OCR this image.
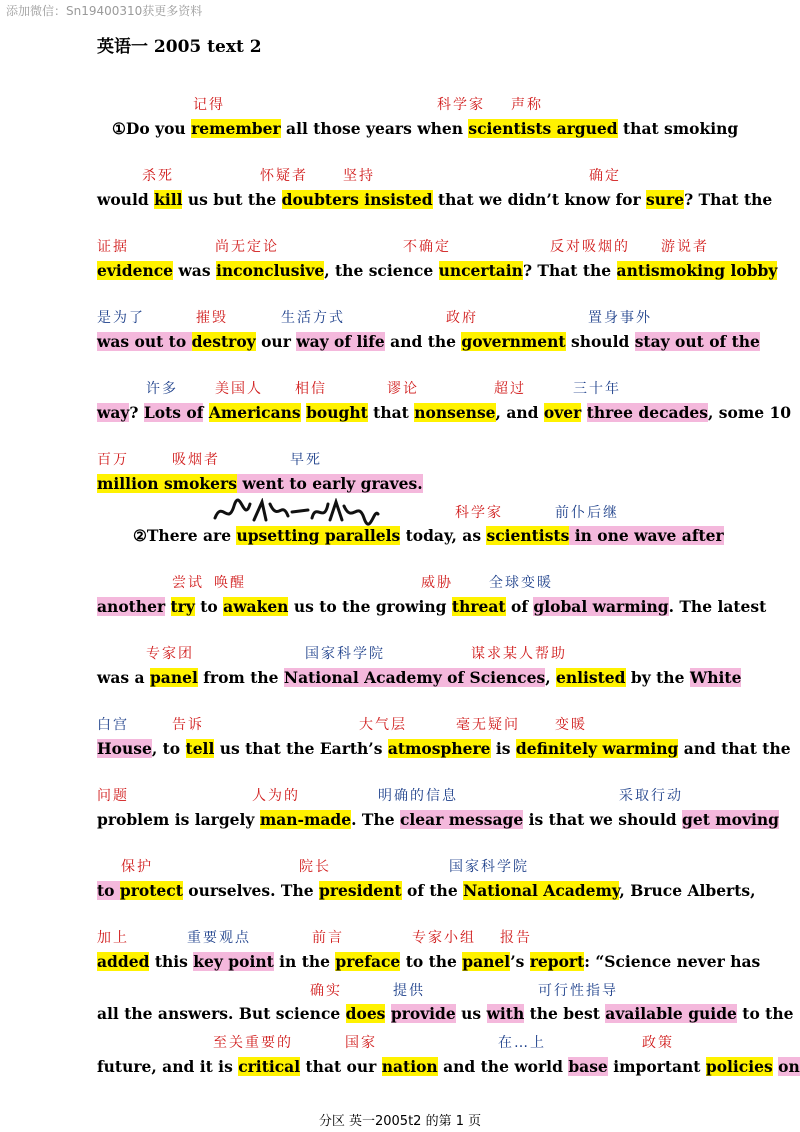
添加微信：Sn19400310获更多资料
英语一 2005 text 2
记得	科学家 声称
杀死	怀疑者	坚持	确定
证据	尚无定论	不确定	反对吸烟的 游说者
是为了	摧毁	生活方式	政府	置身事外
许多	美国人 相信	谬论	超过	三十年
百万	吸烟者	早死
科学家	前仆后继
尝试 唤醒	威胁	全球变暖
专家团	国家科学院	谋求某人帮助
白宫	告诉	大气层	毫无疑问	变暖
问题	人为的	明确的信息	采取行动
保护	院长	国家科学院
加上	重要观点	前言	专家小组 报告
确实	提供	可行性指导
至关重要的	国家	在…上	政策
①Do you remember all those years when scientists argued that smoking
would kill us but the doubters insisted that we didn’t know for sure? That the
evidence was inconclusive, the science uncertain? That the antismoking lobby
was out to destroy our way of life and the government should stay out of the
way? Lots of Americans bought that nonsense, and over three decades, some 10
million smokers went to early graves.
②There are upsetting parallels today, as scientists in one wave after
another try to awaken us to the growing threat of global warming. The latest
was a panel from the National Academy of Sciences, enlisted by the White
House, to tell us that the Earth’s atmosphere is definitely warming and that the
problem is largely man-made. The clear message is that we should get moving
to protect ourselves. The president of the National Academy, Bruce Alberts,
added this key point in the preface to the panel’s report: “Science never has
all the answers. But science does provide us with the best available guide to the
future, and it is critical that our nation and the world base important policies on
分区 英一2005t2 的第 1 页
